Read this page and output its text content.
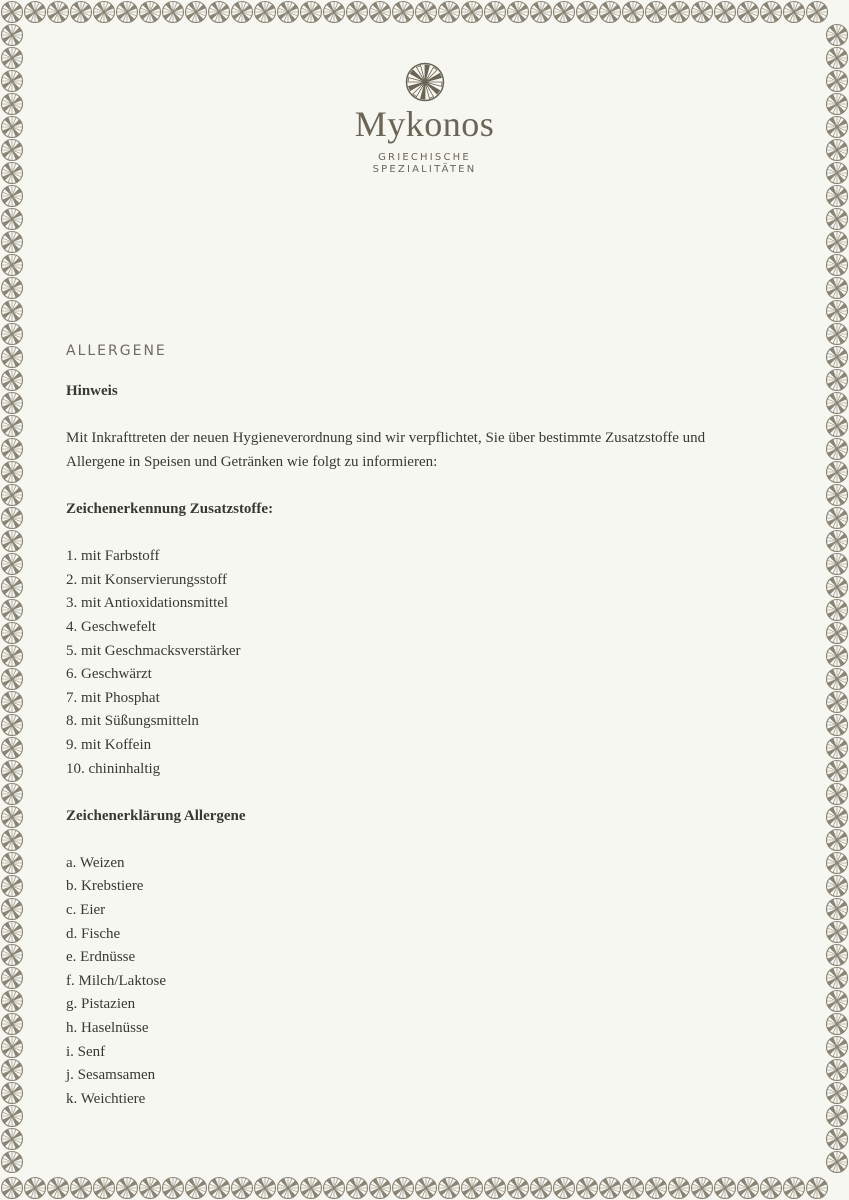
Mykonos
GRIECHISCHE
SPEZIALITÄTEN
ALLERGENE

Hinweis

Mit Inkrafttreten der neuen Hygieneverordnung sind wir verpflichtet, Sie über bestimmte Zusatzstoffe und

Allergene in Speisen und Getränken wie folgt zu informieren:

Zeichenerkennung Zusatzstoffe:

1. mit Farbstoff
2. mit Konservierungsstoff
3. mit Antioxidationsmittel
4. Geschwefelt
5. mit Geschmacksverstärker
6. Geschwärzt
7. mit Phosphat
8. mit Süßungsmitteln
9. mit Koffein
10. chininhaltig

Zeichenerklärung Allergene

a. Weizen
b. Krebstiere
c. Eier
d. Fische
e. Erdnüsse
f. Milch/Laktose
g. Pistazien
h. Haselnüsse
i. Senf
j. Sesamsamen
k. Weichtiere
